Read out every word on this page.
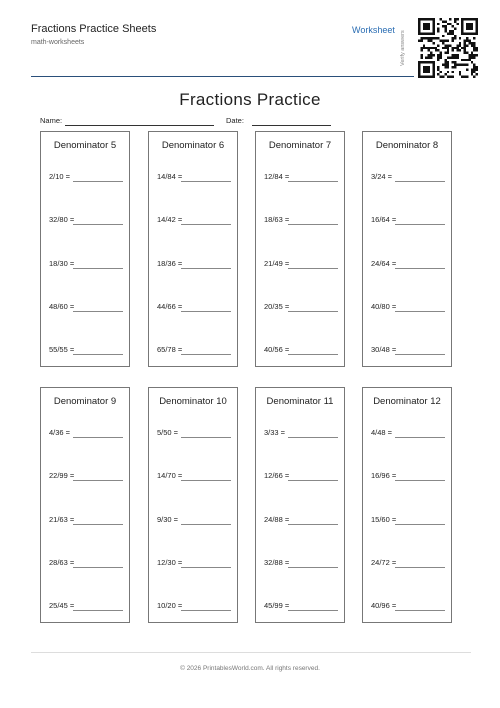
Fractions Practice Sheets
math-worksheets
Worksheet
Verify answers
Fractions Practice
Name:	Date:
Denominator 5
2/10 =
32/80 =
18/30 =
48/60 =
55/55 =
Denominator 6
14/84 =
14/42 =
18/36 =
44/66 =
65/78 =
Denominator 7
12/84 =
18/63 =
21/49 =
20/35 =
40/56 =
Denominator 8
3/24 =
16/64 =
24/64 =
40/80 =
30/48 =
Denominator 9
4/36 =
22/99 =
21/63 =
28/63 =
25/45 =
Denominator 10
5/50 =
14/70 =
9/30 =
12/30 =
10/20 =
Denominator 11
3/33 =
12/66 =
24/88 =
32/88 =
45/99 =
Denominator 12
4/48 =
16/96 =
15/60 =
24/72 =
40/96 =
© 2026 PrintablesWorld.com. All rights reserved.
